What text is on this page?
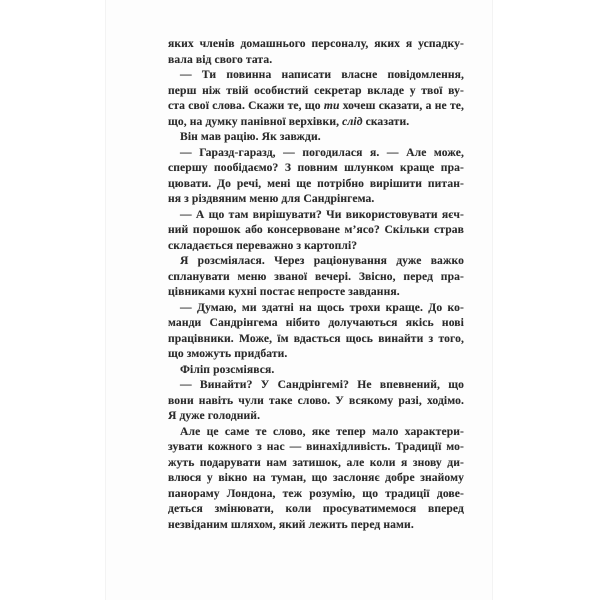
яких членів домашнього персоналу, яких я успадку-
вала від свого тата.
— Ти повинна написати власне повідомлення,
перш ніж твій особистий секретар вкладе у твої ву-
ста свої слова. Скажи те, що ти хочеш сказати, а не те,
що, на думку панівної верхівки, слід сказати.
Він мав рацію. Як завжди.
— Гаразд-гаразд, — погодилася я. — Але може,
спершу пообідаємо? З повним шлунком краще пра-
цювати. До речі, мені ще потрібно вирішити питан-
ня з різдвяним меню для Сандрінгема.
— А що там вирішувати? Чи використовувати яєч-
ний порошок або консервоване м’ясо? Скільки страв
складається переважно з картоплі?
Я розсміялася. Через раціонування дуже важко
спланувати меню званої вечері. Звісно, перед пра-
цівниками кухні постає непросте завдання.
— Думаю, ми здатні на щось трохи краще. До ко-
манди Сандрінгема нібито долучаються якісь нові
працівники. Може, їм вдасться щось винайти з того,
що зможуть придбати.
Філіп розсміявся.
— Винайти? У Сандрінгемі? Не впевнений, що
вони навіть чули таке слово. У всякому разі, ходімо.
Я дуже голодний.
Але це саме те слово, яке тепер мало характери-
зувати кожного з нас — винахідливість. Традиції мо-
жуть подарувати нам затишок, але коли я знову ди-
влюся у вікно на туман, що заслоняє добре знайому
панораму Лондона, теж розумію, що традиції дове-
деться змінювати, коли просуватимемося вперед
незвіданим шляхом, який лежить перед нами.
